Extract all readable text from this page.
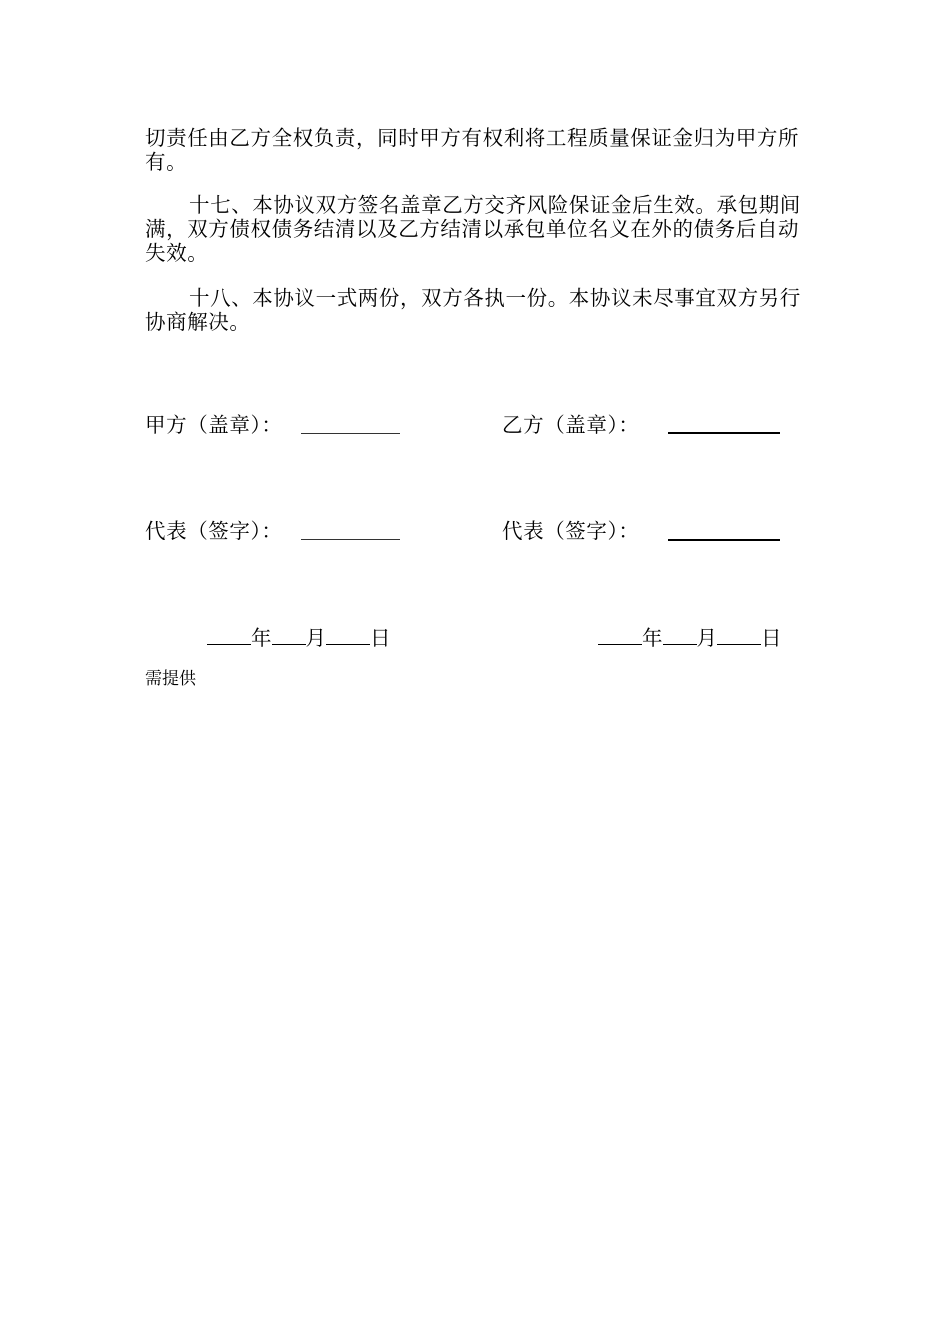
切责任由乙方全权负责，同时甲方有权利将工程质量保证金归为甲方所有。

十七、本协议双方签名盖章乙方交齐风险保证金后生效。承包期间满，双方债权债务结清以及乙方结清以承包单位名义在外的债务后自动失效。

十八、本协议一式两份，双方各执一份。本协议未尽事宜双方另行协商解决。

甲方（盖章）：	乙方（盖章）：
代表（签字）：	代表（签字）：
年 月 日	年 月 日
需提供
